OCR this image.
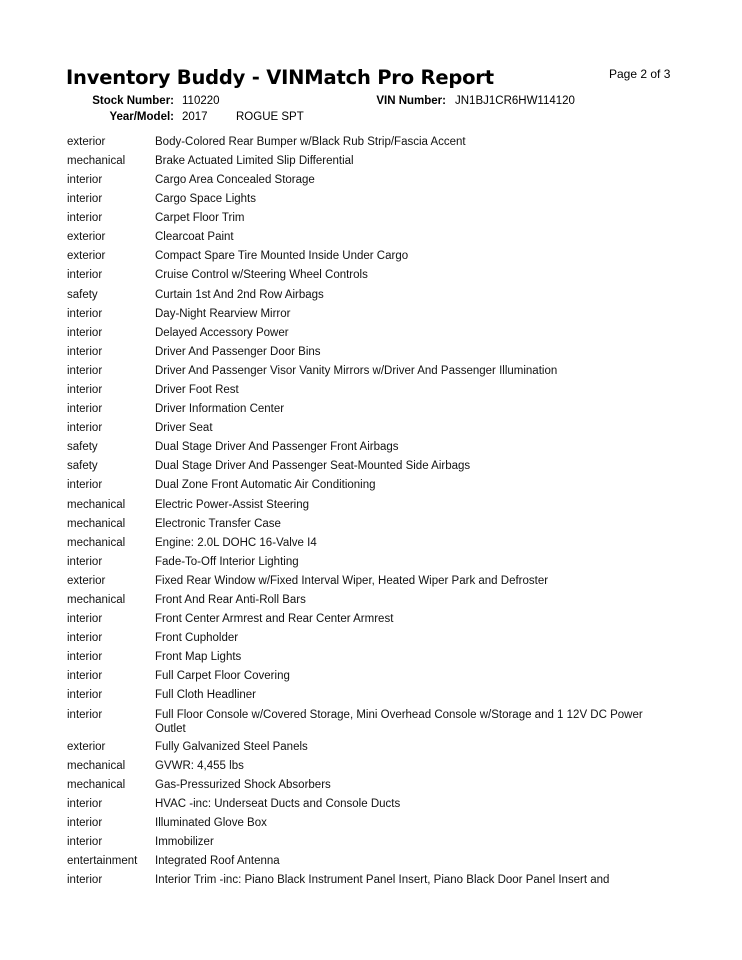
Inventory Buddy - VINMatch Pro Report	Page 2 of 3
Stock Number: 110220	VIN Number: JN1BJ1CR6HW114120
Year/Model: 2017 ROGUE SPT
exterior	Body-Colored Rear Bumper w/Black Rub Strip/Fascia Accent
mechanical	Brake Actuated Limited Slip Differential
interior	Cargo Area Concealed Storage
interior	Cargo Space Lights
interior	Carpet Floor Trim
exterior	Clearcoat Paint
exterior	Compact Spare Tire Mounted Inside Under Cargo
interior	Cruise Control w/Steering Wheel Controls
safety	Curtain 1st And 2nd Row Airbags
interior	Day-Night Rearview Mirror
interior	Delayed Accessory Power
interior	Driver And Passenger Door Bins
interior	Driver And Passenger Visor Vanity Mirrors w/Driver And Passenger Illumination
interior	Driver Foot Rest
interior	Driver Information Center
interior	Driver Seat
safety	Dual Stage Driver And Passenger Front Airbags
safety	Dual Stage Driver And Passenger Seat-Mounted Side Airbags
interior	Dual Zone Front Automatic Air Conditioning
mechanical	Electric Power-Assist Steering
mechanical	Electronic Transfer Case
mechanical	Engine: 2.0L DOHC 16-Valve I4
interior	Fade-To-Off Interior Lighting
exterior	Fixed Rear Window w/Fixed Interval Wiper, Heated Wiper Park and Defroster
mechanical	Front And Rear Anti-Roll Bars
interior	Front Center Armrest and Rear Center Armrest
interior	Front Cupholder
interior	Front Map Lights
interior	Full Carpet Floor Covering
interior	Full Cloth Headliner
interior	Full Floor Console w/Covered Storage, Mini Overhead Console w/Storage and 1 12V DC Power Outlet
exterior	Fully Galvanized Steel Panels
mechanical	GVWR: 4,455 lbs
mechanical	Gas-Pressurized Shock Absorbers
interior	HVAC -inc: Underseat Ducts and Console Ducts
interior	Illuminated Glove Box
interior	Immobilizer
entertainment Integrated Roof Antenna
interior	Interior Trim -inc: Piano Black Instrument Panel Insert, Piano Black Door Panel Insert and
